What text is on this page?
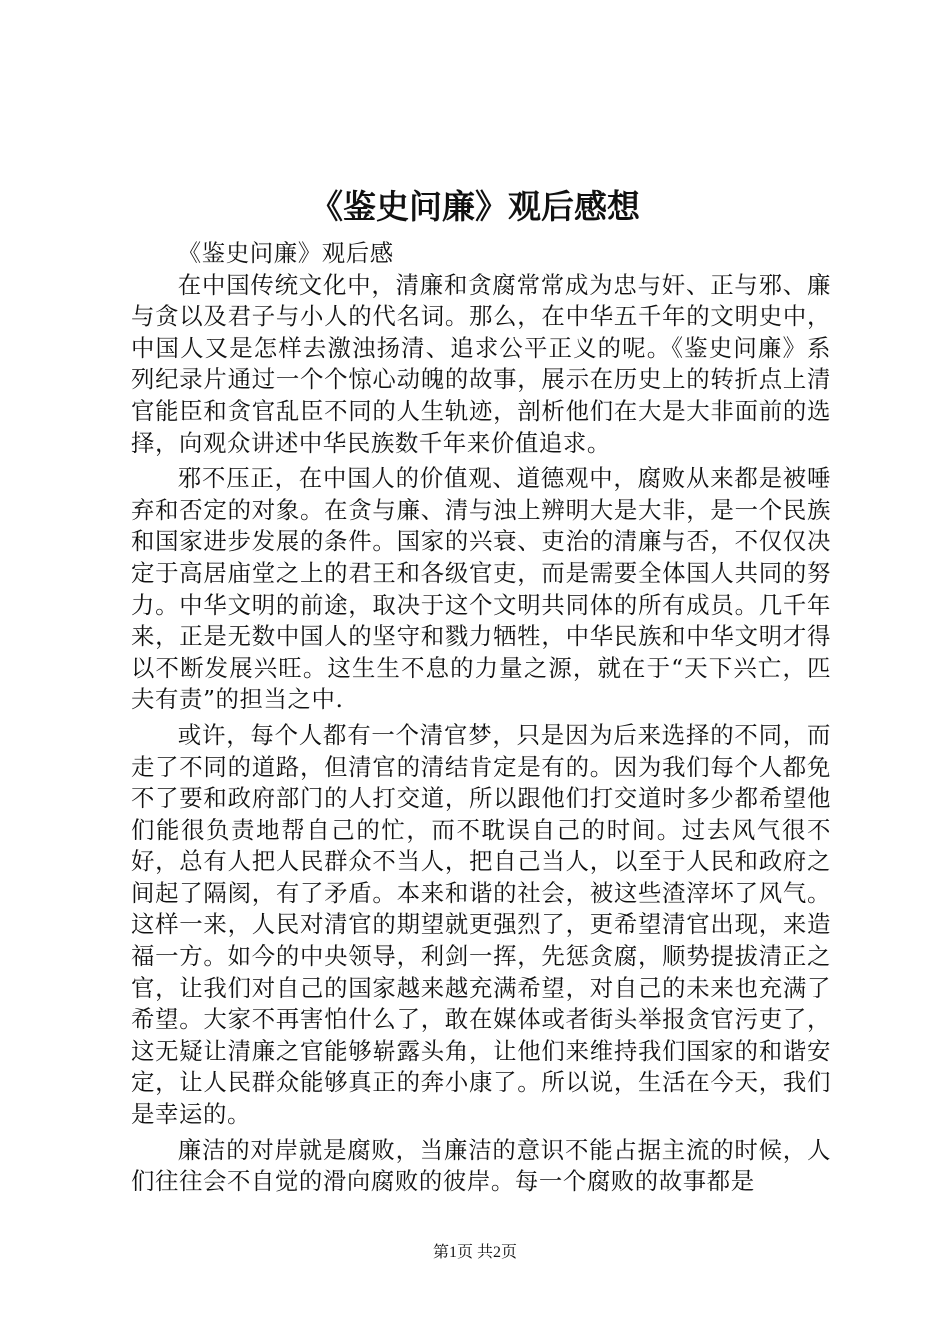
《鉴史问廉》观后感想

《鉴史问廉》观后感

在中国传统文化中，清廉和贪腐常常成为忠与奸、正与邪、廉与贪以及君子与小人的代名词。那么，在中华五千年的文明史中，中国人又是怎样去激浊扬清、追求公平正义的呢。《鉴史问廉》系列纪录片通过一个个惊心动魄的故事，展示在历史上的转折点上清官能臣和贪官乱臣不同的人生轨迹，剖析他们在大是大非面前的选择，向观众讲述中华民族数千年来价值追求。

邪不压正，在中国人的价值观、道德观中，腐败从来都是被唾弃和否定的对象。在贪与廉、清与浊上辨明大是大非，是一个民族和国家进步发展的条件。国家的兴衰、吏治的清廉与否，不仅仅决定于高居庙堂之上的君王和各级官吏，而是需要全体国人共同的努力。中华文明的前途，取决于这个文明共同体的所有成员。几千年来，正是无数中国人的坚守和戮力牺牲，中华民族和中华文明才得以不断发展兴旺。这生生不息的力量之源，就在于“天下兴亡，匹夫有责”的担当之中.

或许，每个人都有一个清官梦，只是因为后来选择的不同，而走了不同的道路，但清官的清结肯定是有的。因为我们每个人都免不了要和政府部门的人打交道，所以跟他们打交道时多少都希望他们能很负责地帮自己的忙，而不耽误自己的时间。过去风气很不好，总有人把人民群众不当人，把自己当人，以至于人民和政府之间起了隔阂，有了矛盾。本来和谐的社会，被这些渣滓坏了风气。这样一来，人民对清官的期望就更强烈了，更希望清官出现，来造福一方。如今的中央领导，利剑一挥，先惩贪腐，顺势提拔清正之官，让我们对自己的国家越来越充满希望，对自己的未来也充满了希望。大家不再害怕什么了，敢在媒体或者街头举报贪官污吏了，这无疑让清廉之官能够崭露头角，让他们来维持我们国家的和谐安定，让人民群众能够真正的奔小康了。所以说，生活在今天，我们是幸运的。

廉洁的对岸就是腐败，当廉洁的意识不能占据主流的时候，人们往往会不自觉的滑向腐败的彼岸。每一个腐败的故事都是

第1页 共2页
